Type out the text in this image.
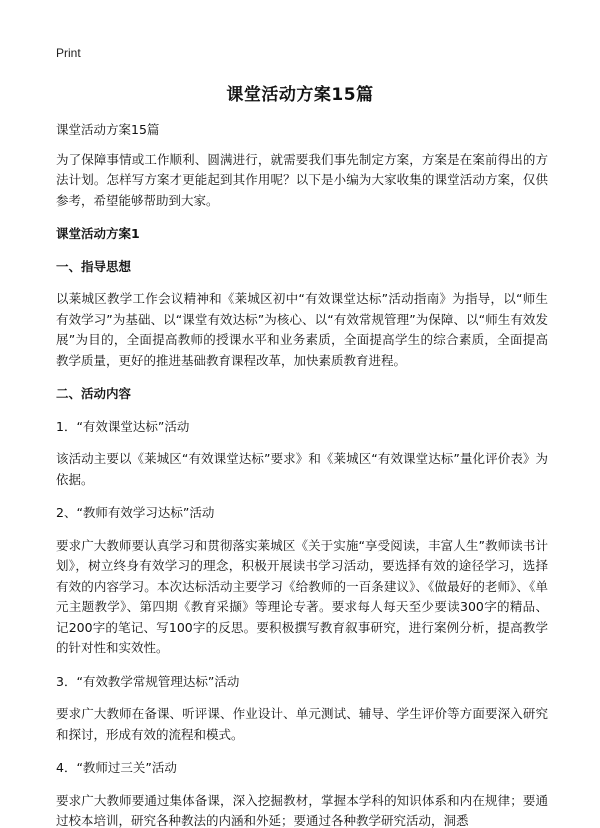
Print
课堂活动方案15篇

课堂活动方案15篇

为了保障事情或工作顺利、圆满进行，就需要我们事先制定方案，方案是在案前得出的方法计划。怎样写方案才更能起到其作用呢？以下是小编为大家收集的课堂活动方案，仅供参考，希望能够帮助到大家。

课堂活动方案1
一、指导思想

以莱城区教学工作会议精神和《莱城区初中“有效课堂达标”活动指南》为指导，以“师生有效学习”为基础、以“课堂有效达标”为核心、以“有效常规管理”为保障、以“师生有效发展”为目的，全面提高教师的授课水平和业务素质，全面提高学生的综合素质，全面提高教学质量，更好的推进基础教育课程改革，加快素质教育进程。

二、活动内容

1．“有效课堂达标”活动

该活动主要以《莱城区“有效课堂达标”要求》和《莱城区“有效课堂达标”量化评价表》为依据。

2、“教师有效学习达标”活动

要求广大教师要认真学习和贯彻落实莱城区《关于实施“享受阅读，丰富人生”教师读书计划》，树立终身有效学习的理念，积极开展读书学习活动，要选择有效的途径学习，选择有效的内容学习。本次达标活动主要学习《给教师的一百条建议》、《做最好的老师》、《单元主题教学》、第四期《教育采撷》等理论专著。要求每人每天至少要读300字的精品、记200字的笔记、写100字的反思。要积极撰写教育叙事研究，进行案例分析，提高教学的针对性和实效性。

3．“有效教学常规管理达标”活动

要求广大教师在备课、听评课、作业设计、单元测试、辅导、学生评价等方面要深入研究和探讨，形成有效的流程和模式。

4．“教师过三关”活动

要求广大教师要通过集体备课，深入挖掘教材，掌握本学科的知识体系和内在规律；要通过校本培训，研究各种教法的内涵和外延；要通过各种教学研究活动，洞悉
